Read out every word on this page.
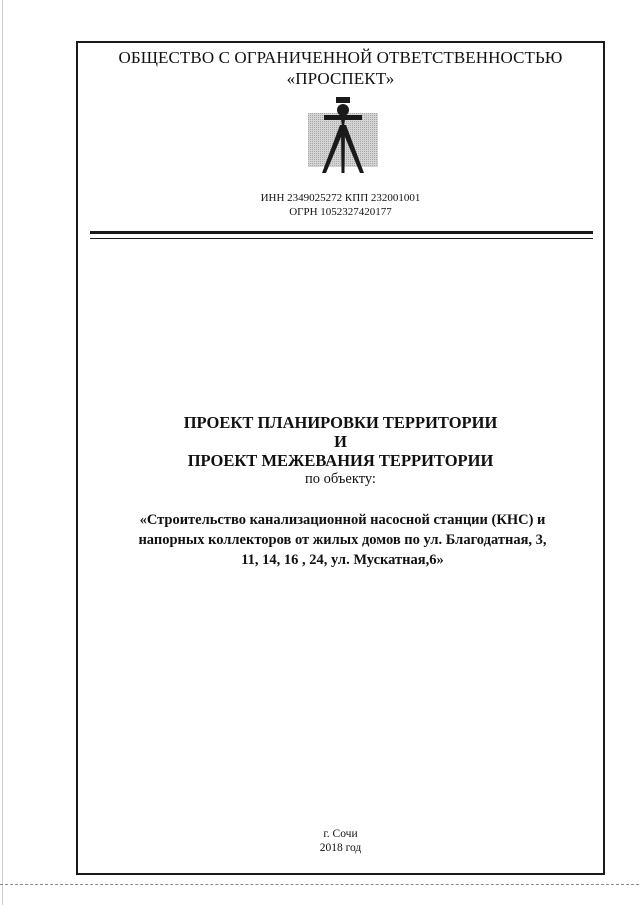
ОБЩЕСТВО С ОГРАНИЧЕННОЙ ОТВЕТСТВЕННОСТЬЮ
«ПРОСПЕКТ»
ИНН 2349025272 КПП 232001001
ОГРН 1052327420177
ПРОЕКТ ПЛАНИРОВКИ ТЕРРИТОРИИ
И
ПРОЕКТ МЕЖЕВАНИЯ ТЕРРИТОРИИ
по объекту:
«Строительство канализационной насосной станции (КНС) и
напорных коллекторов от жилых домов по ул. Благодатная, 3,
11, 14, 16 , 24, ул. Мускатная,6»
г. Сочи
2018 год
